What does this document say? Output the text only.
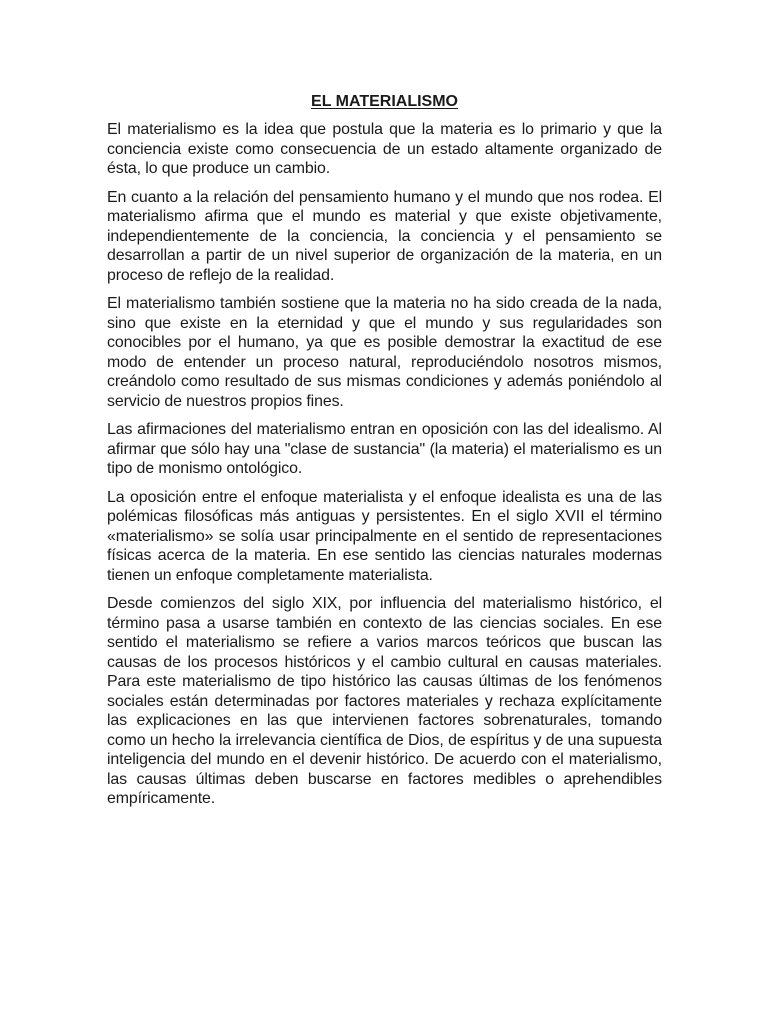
EL MATERIALISMO

El materialismo es la idea que postula que la materia es lo primario y que la conciencia existe como consecuencia de un estado altamente organizado de ésta, lo que produce un cambio.

En cuanto a la relación del pensamiento humano y el mundo que nos rodea. El materialismo afirma que el mundo es material y que existe objetivamente, independientemente de la conciencia, la conciencia y el pensamiento se desarrollan a partir de un nivel superior de organización de la materia, en un proceso de reflejo de la realidad.

El materialismo también sostiene que la materia no ha sido creada de la nada, sino que existe en la eternidad y que el mundo y sus regularidades son conocibles por el humano, ya que es posible demostrar la exactitud de ese modo de entender un proceso natural, reproduciéndolo nosotros mismos, creándolo como resultado de sus mismas condiciones y además poniéndolo al servicio de nuestros propios fines.

Las afirmaciones del materialismo entran en oposición con las del idealismo. Al afirmar que sólo hay una "clase de sustancia" (la materia) el materialismo es un tipo de monismo ontológico.

La oposición entre el enfoque materialista y el enfoque idealista es una de las polémicas filosóficas más antiguas y persistentes. En el siglo XVII el término «materialismo» se solía usar principalmente en el sentido de representaciones físicas acerca de la materia. En ese sentido las ciencias naturales modernas tienen un enfoque completamente materialista.

Desde comienzos del siglo XIX, por influencia del materialismo histórico, el término pasa a usarse también en contexto de las ciencias sociales. En ese sentido el materialismo se refiere a varios marcos teóricos que buscan las causas de los procesos históricos y el cambio cultural en causas materiales. Para este materialismo de tipo histórico las causas últimas de los fenómenos sociales están determinadas por factores materiales y rechaza explícitamente las explicaciones en las que intervienen factores sobrenaturales, tomando como un hecho la irrelevancia científica de Dios, de espíritus y de una supuesta inteligencia del mundo en el devenir histórico. De acuerdo con el materialismo, las causas últimas deben buscarse en factores medibles o aprehendibles empíricamente.
